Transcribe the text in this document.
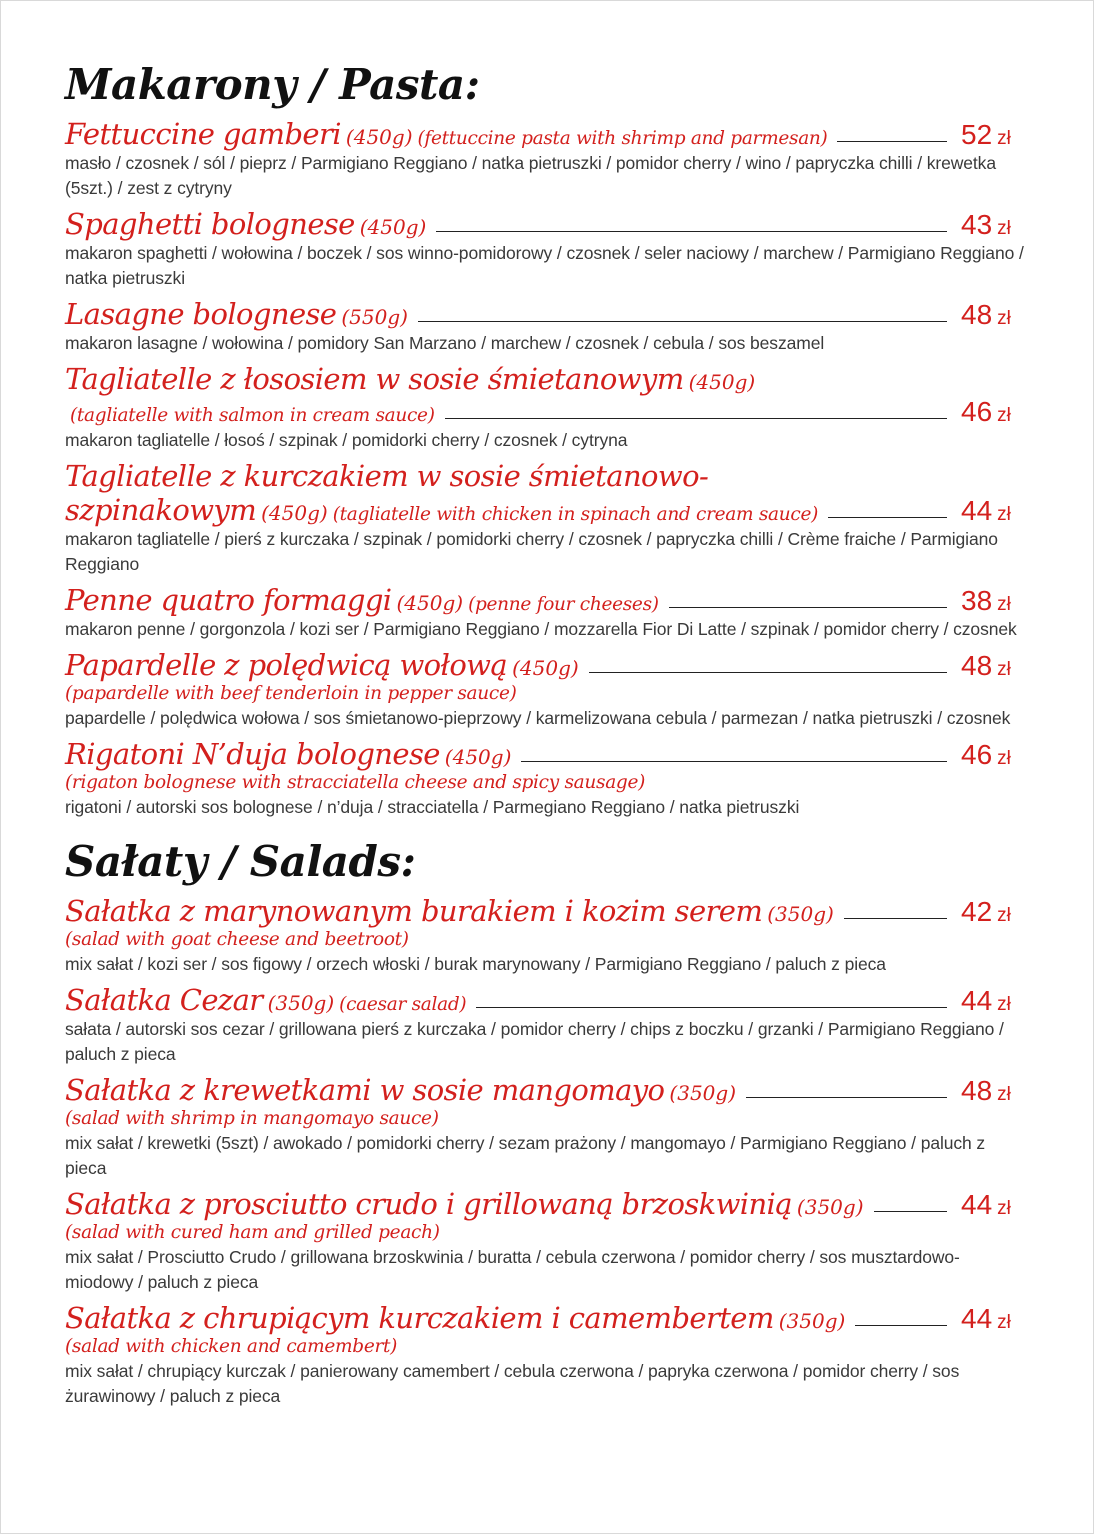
Makarony / Pasta:
Fettuccine gamberi (450g) (fettuccine pasta with shrimp and parmesan)	52 zł

masło / czosnek / sól / pieprz / Parmigiano Reggiano / natka pietruszki / pomidor cherry / wino / papryczka chilli / krewetka (5szt.) / zest z cytryny

Spaghetti bolognese (450g)	43 zł

makaron spaghetti / wołowina / boczek / sos winno-pomidorowy / czosnek / seler naciowy / marchew / Parmigiano Reggiano / natka pietruszki

Lasagne bolognese (550g)	48 zł

makaron lasagne / wołowina / pomidory San Marzano / marchew / czosnek / cebula / sos beszamel

Tagliatelle z łososiem w sosie śmietanowym (450g)
(tagliatelle with salmon in cream sauce)	46 zł

makaron tagliatelle / łosoś / szpinak / pomidorki cherry / czosnek / cytryna

Tagliatelle z kurczakiem w sosie śmietanowo-
szpinakowym (450g) (tagliatelle with chicken in spinach and cream sauce)	44 zł

makaron tagliatelle / pierś z kurczaka / szpinak / pomidorki cherry / czosnek / papryczka chilli / Crème fraiche / Parmigiano Reggiano

Penne quatro formaggi (450g) (penne four cheeses)	38 zł

makaron penne / gorgonzola / kozi ser / Parmigiano Reggiano / mozzarella Fior Di Latte / szpinak / pomidor cherry / czosnek

Papardelle z polędwicą wołową (450g)	48 zł
(papardelle with beef tenderloin in pepper sauce)

papardelle / polędwica wołowa / sos śmietanowo-pieprzowy / karmelizowana cebula / parmezan / natka pietruszki / czosnek

Rigatoni N’duja bolognese (450g)	46 zł
(rigaton bolognese with stracciatella cheese and spicy sausage)

rigatoni / autorski sos bolognese / n’duja / stracciatella / Parmegiano Reggiano / natka pietruszki

Sałaty / Salads:
Sałatka z marynowanym burakiem i kozim serem (350g)	42 zł
(salad with goat cheese and beetroot)

mix sałat / kozi ser / sos figowy / orzech włoski / burak marynowany / Parmigiano Reggiano / paluch z pieca

Sałatka Cezar (350g) (caesar salad)	44 zł

sałata / autorski sos cezar / grillowana pierś z kurczaka / pomidor cherry / chips z boczku / grzanki / Parmigiano Reggiano / paluch z pieca

Sałatka z krewetkami w sosie mangomayo (350g)	48 zł
(salad with shrimp in mangomayo sauce)

mix sałat / krewetki (5szt) / awokado / pomidorki cherry / sezam prażony / mangomayo / Parmigiano Reggiano / paluch z pieca

Sałatka z prosciutto crudo i grillowaną brzoskwinią (350g)	44 zł
(salad with cured ham and grilled peach)

mix sałat / Prosciutto Crudo / grillowana brzoskwinia / buratta / cebula czerwona / pomidor cherry / sos musztardowo-miodowy / paluch z pieca

Sałatka z chrupiącym kurczakiem i camembertem (350g)	44 zł
(salad with chicken and camembert)

mix sałat / chrupiący kurczak / panierowany camembert / cebula czerwona / papryka czerwona / pomidor cherry / sos żurawinowy / paluch z pieca
